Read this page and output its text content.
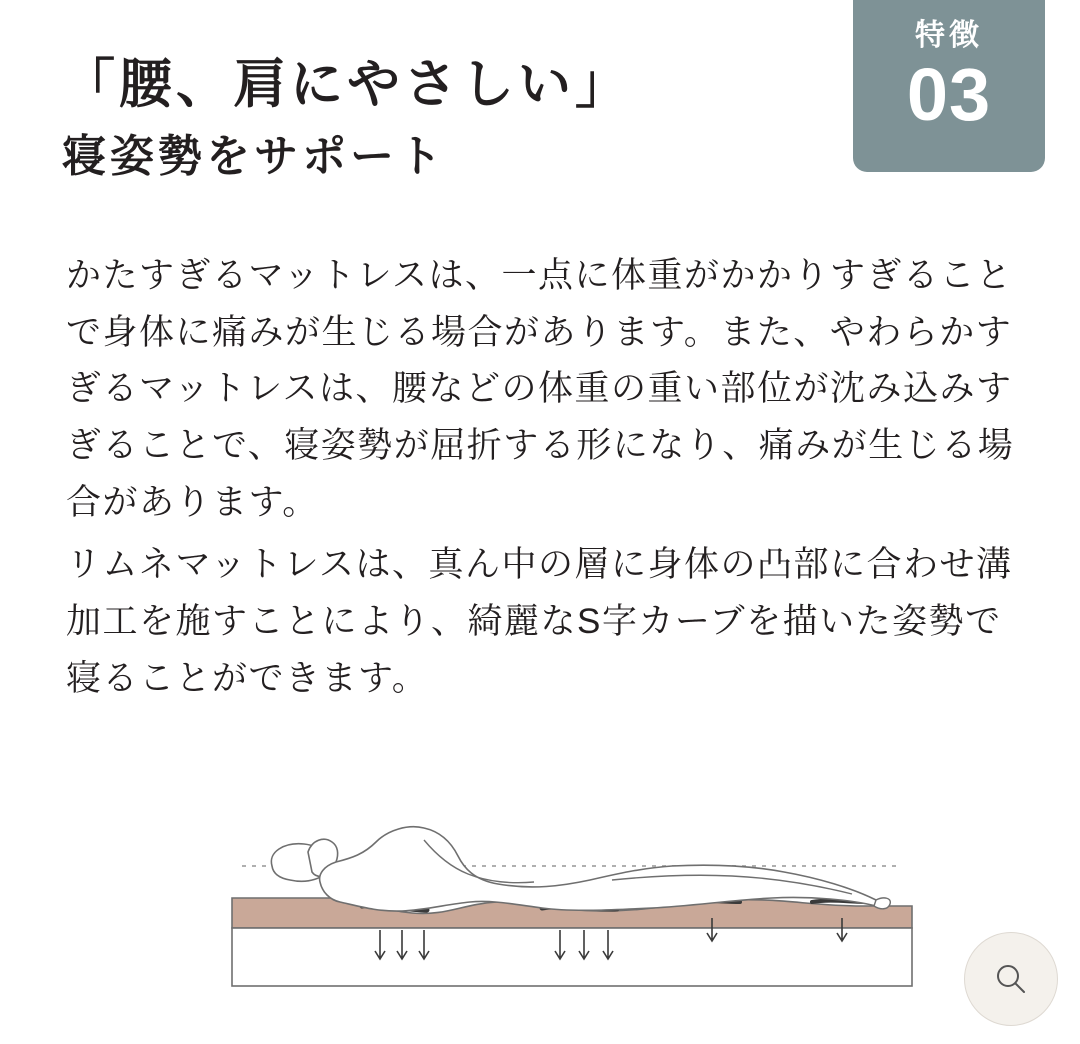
特徴
03
「腰、肩にやさしい」
寝姿勢をサポート

かたすぎるマットレスは、一点に体重がかかりすぎることで身体に痛みが生じる場合があります。また、やわらかすぎるマットレスは、腰などの体重の重い部位が沈み込みすぎることで、寝姿勢が屈折する形になり、痛みが生じる場合があります。

リムネマットレスは、真ん中の層に身体の凸部に合わせ溝加工を施すことにより、綺麗なS字カーブを描いた姿勢で寝ることができます。
